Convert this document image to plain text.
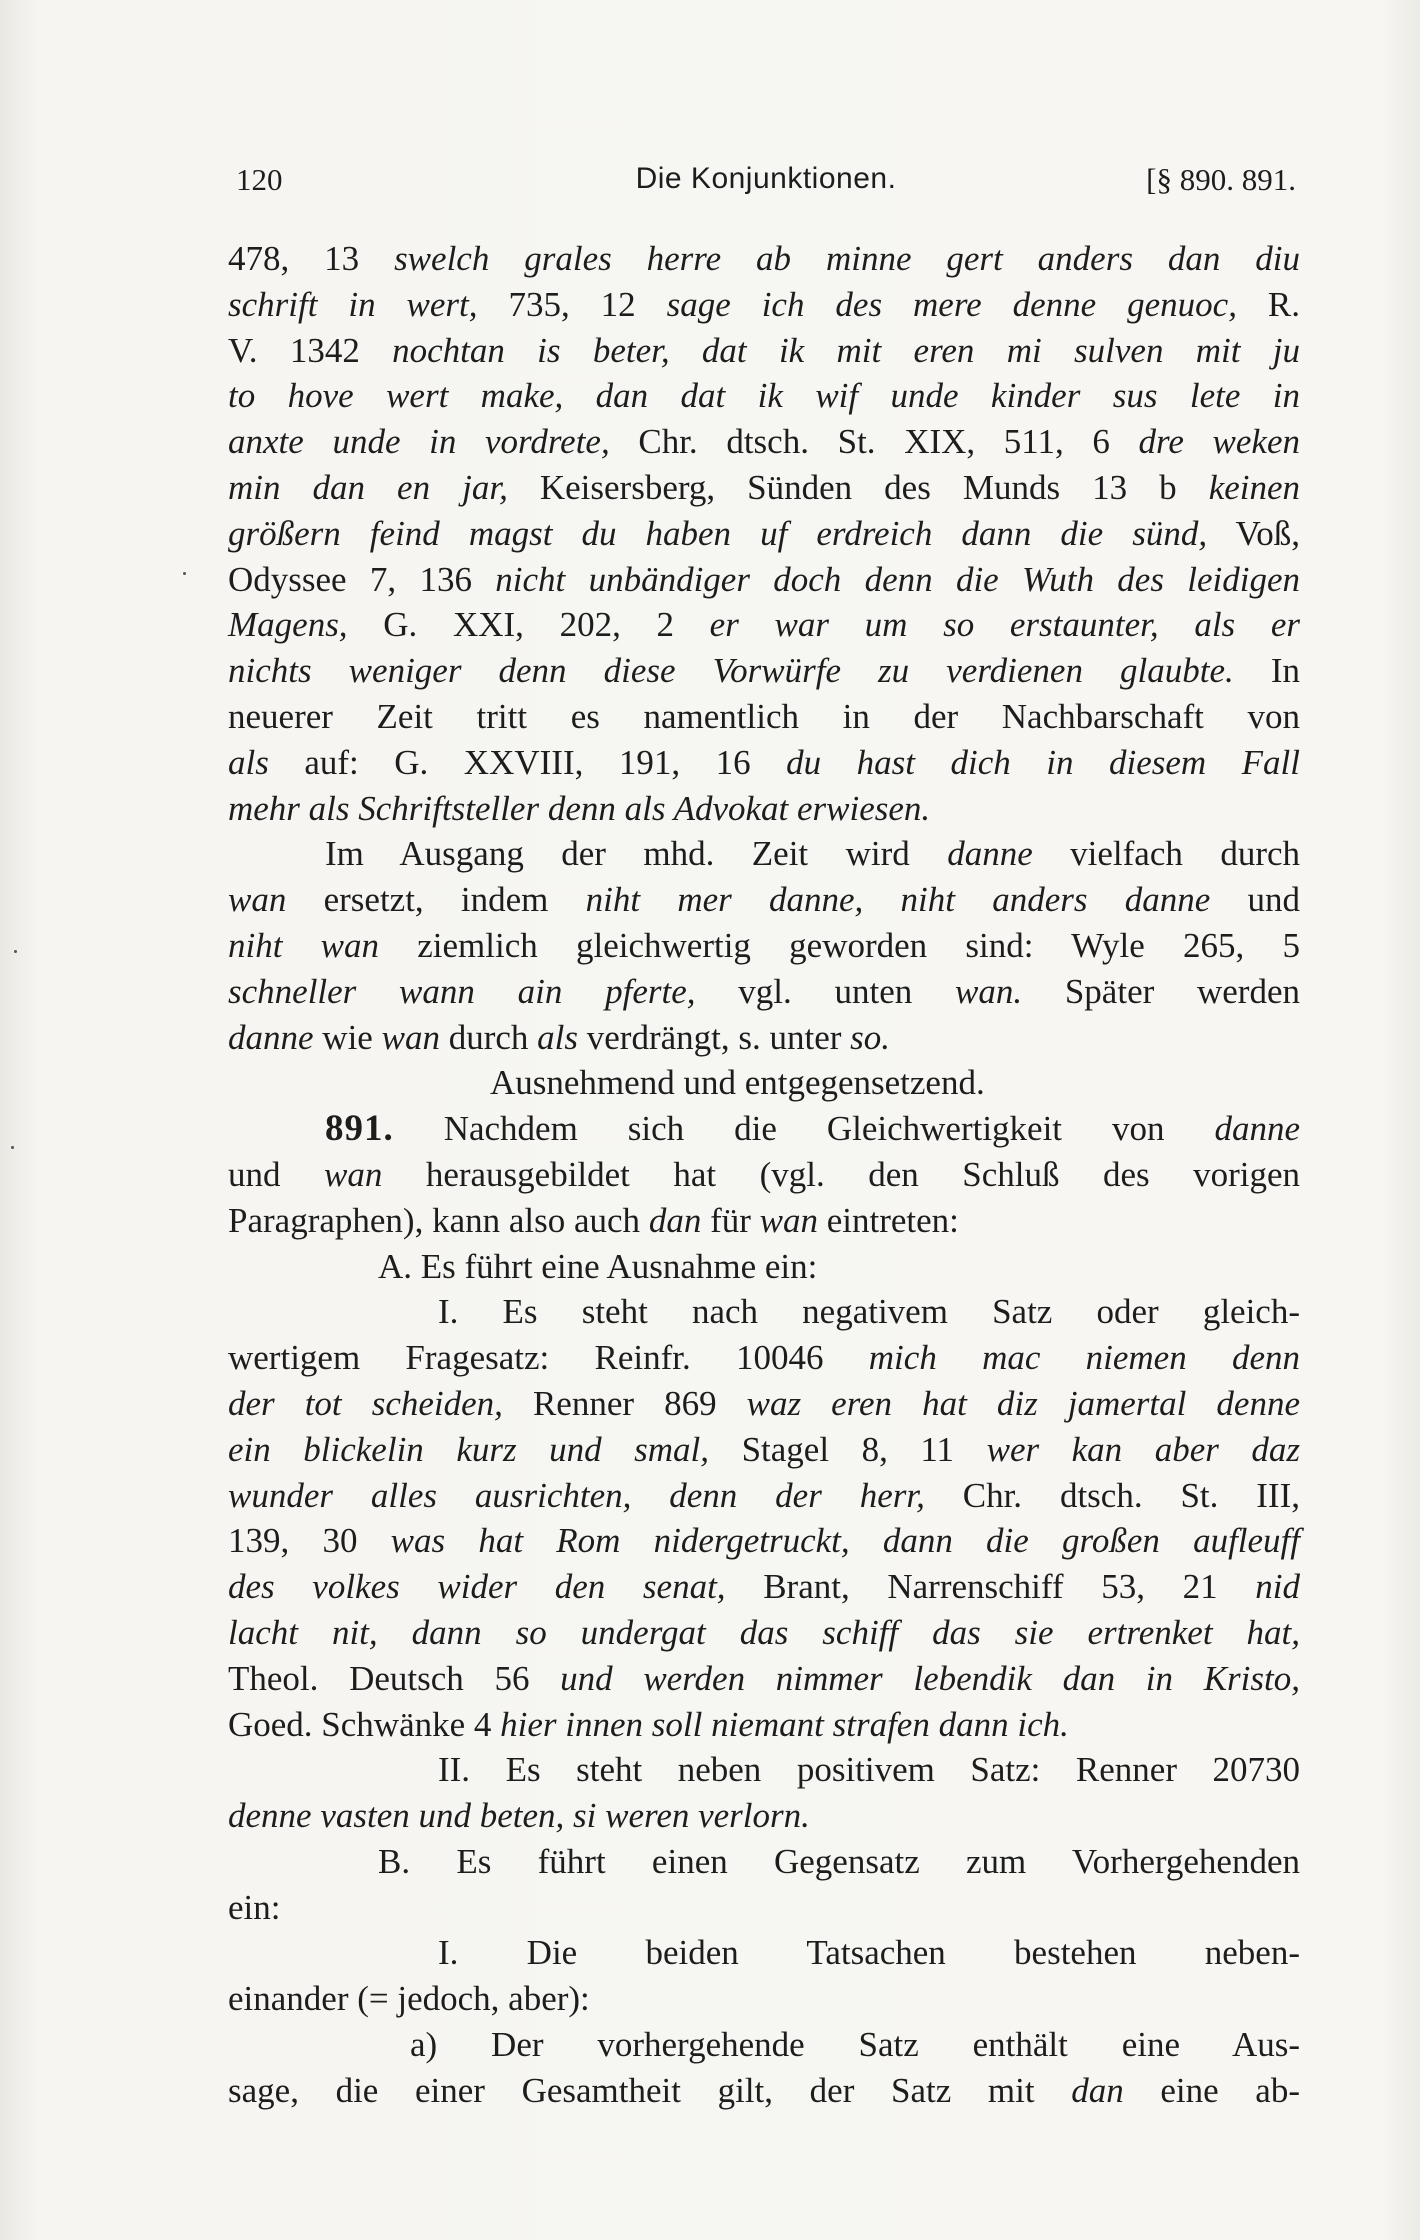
120	Die Konjunktionen.	[§ 890. 891.
478, 13 swelch grales herre ab minne gert anders dan diu
schrift in wert, 735, 12 sage ich des mere denne genuoc, R.
V. 1342 nochtan is beter, dat ik mit eren mi sulven mit ju
to hove wert make, dan dat ik wif unde kinder sus lete in
anxte unde in vordrete, Chr. dtsch. St. XIX, 511, 6 dre weken
min dan en jar, Keisersberg, Sünden des Munds 13 b keinen
größern feind magst du haben uf erdreich dann die sünd, Voß,
Odyssee 7, 136 nicht unbändiger doch denn die Wuth des leidigen
Magens, G. XXI, 202, 2 er war um so erstaunter, als er
nichts weniger denn diese Vorwürfe zu verdienen glaubte. In
neuerer Zeit tritt es namentlich in der Nachbarschaft von
als auf: G. XXVIII, 191, 16 du hast dich in diesem Fall
mehr als Schriftsteller denn als Advokat erwiesen.
Im Ausgang der mhd. Zeit wird danne vielfach durch
wan ersetzt, indem niht mer danne, niht anders danne und
niht wan ziemlich gleichwertig geworden sind: Wyle 265, 5
schneller wann ain pferte, vgl. unten wan. Später werden
danne wie wan durch als verdrängt, s. unter so.
Ausnehmend und entgegensetzend.
891. Nachdem sich die Gleichwertigkeit von danne
und wan herausgebildet hat (vgl. den Schluß des vorigen
Paragraphen), kann also auch dan für wan eintreten:
A. Es führt eine Ausnahme ein:
I. Es steht nach negativem Satz oder gleich-
wertigem Fragesatz: Reinfr. 10046 mich mac niemen denn
der tot scheiden, Renner 869 waz eren hat diz jamertal denne
ein blickelin kurz und smal, Stagel 8, 11 wer kan aber daz
wunder alles ausrichten, denn der herr, Chr. dtsch. St. III,
139, 30 was hat Rom nidergetruckt, dann die großen aufleuff
des volkes wider den senat, Brant, Narrenschiff 53, 21 nid
lacht nit, dann so undergat das schiff das sie ertrenket hat,
Theol. Deutsch 56 und werden nimmer lebendik dan in Kristo,
Goed. Schwänke 4 hier innen soll niemant strafen dann ich.
II. Es steht neben positivem Satz: Renner 20730
denne vasten und beten, si weren verlorn.
B. Es führt einen Gegensatz zum Vorhergehenden
ein:
I. Die beiden Tatsachen bestehen neben-
einander (= jedoch, aber):
a) Der vorhergehende Satz enthält eine Aus-
sage, die einer Gesamtheit gilt, der Satz mit dan eine ab-
